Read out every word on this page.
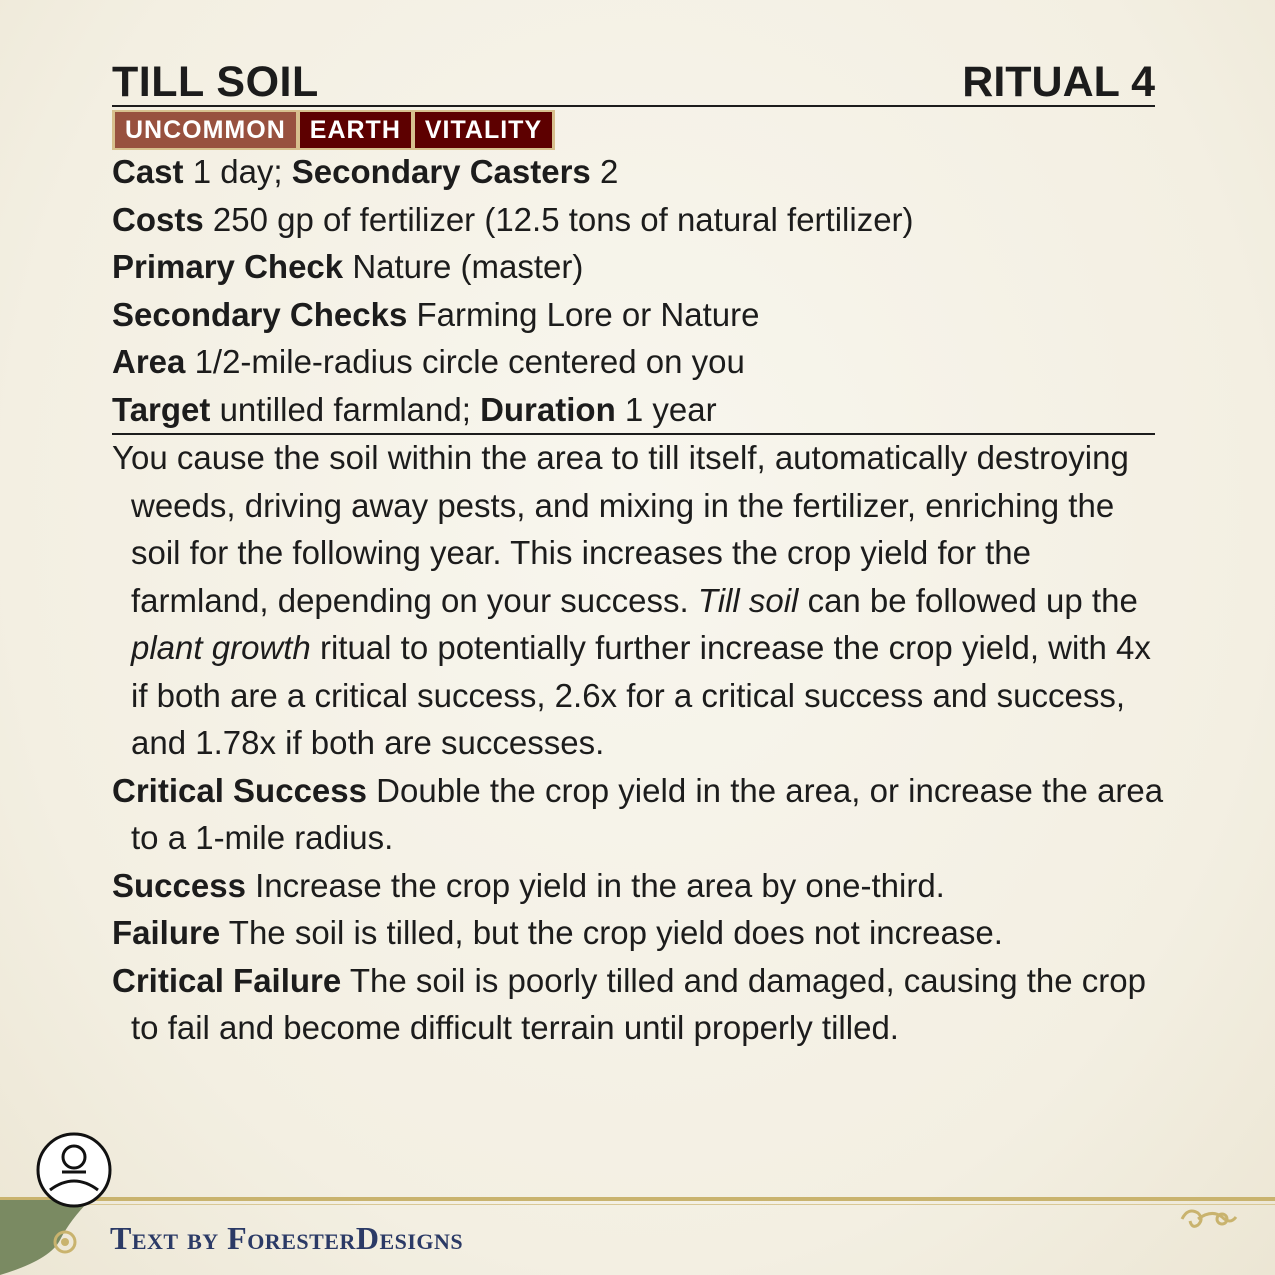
TILL SOIL	RITUAL 4
UNCOMMON EARTH VITALITY
Cast 1 day; Secondary Casters 2
Costs 250 gp of fertilizer (12.5 tons of natural fertilizer)
Primary Check Nature (master)
Secondary Checks Farming Lore or Nature
Area 1/2-mile-radius circle centered on you
Target untilled farmland; Duration 1 year

You cause the soil within the area to till itself, automatically destroying weeds, driving away pests, and mixing in the fertilizer, enriching the soil for the following year. This increases the crop yield for the farmland, depending on your success. Till soil can be followed up the plant growth ritual to potentially further increase the crop yield, with 4x if both are a critical success, 2.6x for a critical success and success, and 1.78x if both are successes.

Critical Success Double the crop yield in the area, or increase the area to a 1-mile radius.

Success Increase the crop yield in the area by one-third.

Failure The soil is tilled, but the crop yield does not increase.

Critical Failure The soil is poorly tilled and damaged, causing the crop to fail and become difficult terrain until properly tilled.

Text by ForesterDesigns
